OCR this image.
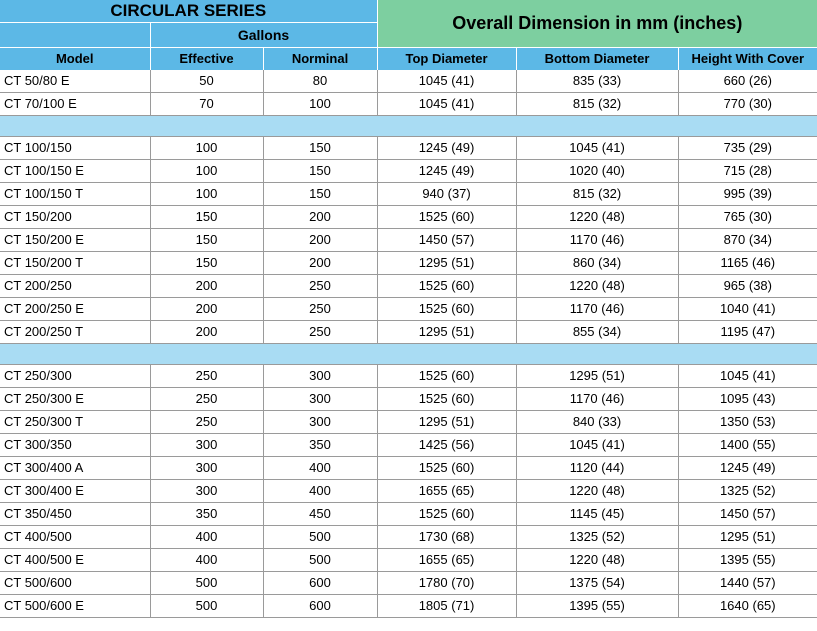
CIRCULAR SERIES			Overall Dimension in mm (inches)		
	Gallons				
Model	Effective	Norminal	Top Diameter	Bottom Diameter	Height With Cover
CT 50/80 E	50	80	1045 (41)	835 (33)	660 (26)
CT 70/100 E	70	100	1045 (41)	815 (32)	770 (30)

CT 100/150	100	150	1245 (49)	1045 (41)	735 (29)
CT 100/150 E	100	150	1245 (49)	1020 (40)	715 (28)
CT 100/150 T	100	150	940 (37)	815 (32)	995 (39)
CT 150/200	150	200	1525 (60)	1220 (48)	765 (30)
CT 150/200 E	150	200	1450 (57)	1170 (46)	870 (34)
CT 150/200 T	150	200	1295 (51)	860 (34)	1165 (46)
CT 200/250	200	250	1525 (60)	1220 (48)	965 (38)
CT 200/250 E	200	250	1525 (60)	1170 (46)	1040 (41)
CT 200/250 T	200	250	1295 (51)	855 (34)	1195 (47)

CT 250/300	250	300	1525 (60)	1295 (51)	1045 (41)
CT 250/300 E	250	300	1525 (60)	1170 (46)	1095 (43)
CT 250/300 T	250	300	1295 (51)	840 (33)	1350 (53)
CT 300/350	300	350	1425 (56)	1045 (41)	1400 (55)
CT 300/400 A	300	400	1525 (60)	1120 (44)	1245 (49)
CT 300/400 E	300	400	1655 (65)	1220 (48)	1325 (52)
CT 350/450	350	450	1525 (60)	1145 (45)	1450 (57)
CT 400/500	400	500	1730 (68)	1325 (52)	1295 (51)
CT 400/500 E	400	500	1655 (65)	1220 (48)	1395 (55)
CT 500/600	500	600	1780 (70)	1375 (54)	1440 (57)
CT 500/600 E	500	600	1805 (71)	1395 (55)	1640 (65)
